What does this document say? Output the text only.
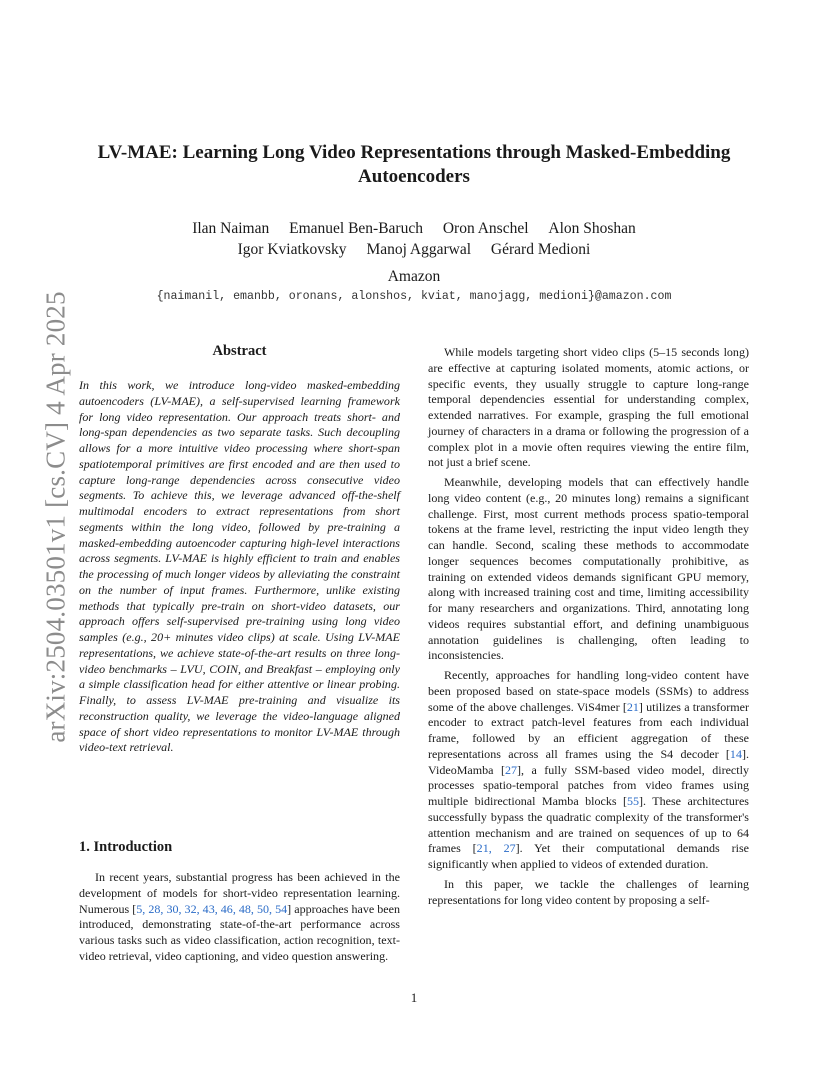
arXiv:2504.03501v1 [cs.CV] 4 Apr 2025
LV-MAE: Learning Long Video Representations through Masked-Embedding
Autoencoders
Ilan Naiman Emanuel Ben-Baruch Oron Anschel Alon Shoshan
Igor Kviatkovsky Manoj Aggarwal Gérard Medioni
Amazon
{naimanil, emanbb, oronans, alonshos, kviat, manojagg, medioni}@amazon.com
Abstract

In this work, we introduce long-video masked-embedding autoencoders (LV-MAE), a self-supervised learning framework for long video representation. Our approach treats short- and long-span dependencies as two separate tasks. Such decoupling allows for a more intuitive video processing where short-span spatiotemporal primitives are first encoded and are then used to capture long-range dependencies across consecutive video segments. To achieve this, we leverage advanced off-the-shelf multimodal encoders to extract representations from short segments within the long video, followed by pre-training a masked-embedding autoencoder capturing high-level interactions across segments. LV-MAE is highly efficient to train and enables the processing of much longer videos by alleviating the constraint on the number of input frames. Furthermore, unlike existing methods that typically pre-train on short-video datasets, our approach offers self-supervised pre-training using long video samples (e.g., 20+ minutes video clips) at scale. Using LV-MAE representations, we achieve state-of-the-art results on three long-video benchmarks – LVU, COIN, and Breakfast – employing only a simple classification head for either attentive or linear probing. Finally, to assess LV-MAE pre-training and visualize its reconstruction quality, we leverage the video-language aligned space of short video representations to monitor LV-MAE through video-text retrieval.

1. Introduction

In recent years, substantial progress has been achieved in the development of models for short-video representation learning. Numerous [5, 28, 30, 32, 43, 46, 48, 50, 54] approaches have been introduced, demonstrating state-of-the-art performance across various tasks such as video classification, action recognition, text-video retrieval, video captioning, and video question answering.

While models targeting short video clips (5–15 seconds long) are effective at capturing isolated moments, atomic actions, or specific events, they usually struggle to capture long-range temporal dependencies essential for understanding complex, extended narratives. For example, grasping the full emotional journey of characters in a drama or following the progression of a complex plot in a movie often requires viewing the entire film, not just a brief scene.

Meanwhile, developing models that can effectively handle long video content (e.g., 20 minutes long) remains a significant challenge. First, most current methods process spatio-temporal tokens at the frame level, restricting the input video length they can handle. Second, scaling these methods to accommodate longer sequences becomes computationally prohibitive, as training on extended videos demands significant GPU memory, along with increased training cost and time, limiting accessibility for many researchers and organizations. Third, annotating long videos requires substantial effort, and defining unambiguous annotation guidelines is challenging, often leading to inconsistencies.

Recently, approaches for handling long-video content have been proposed based on state-space models (SSMs) to address some of the above challenges. ViS4mer [21] utilizes a transformer encoder to extract patch-level features from each individual frame, followed by an efficient aggregation of these representations across all frames using the S4 decoder [14]. VideoMamba [27], a fully SSM-based video model, directly processes spatio-temporal patches from video frames using multiple bidirectional Mamba blocks [55]. These architectures successfully bypass the quadratic complexity of the transformer's attention mechanism and are trained on sequences of up to 64 frames [21, 27]. Yet their computational demands rise significantly when applied to videos of extended duration.

In this paper, we tackle the challenges of learning representations for long video content by proposing a self-

1
